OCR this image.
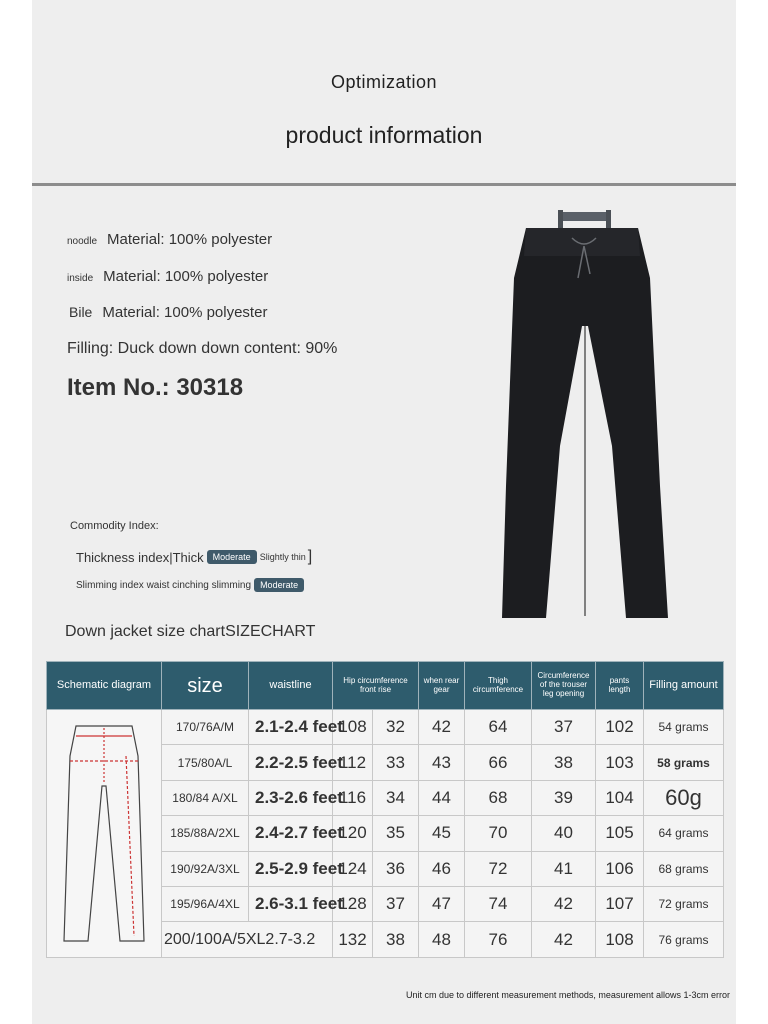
Optimization
product information
noodle Material: 100% polyester
inside Material: 100% polyester
Bile Material: 100% polyester
Filling: Duck down down content: 90%
Item No.: 30318
Commodity Index:
Thickness index|Thick	Moderate	Slightly thin ]
Slimming index waist cinching slimming	Moderate
Down jacket size chartSIZECHART
Schematic diagram	size	waistline	Hip circumference front rise		when rear gear	Thigh circumference	Circumference of the trouser leg opening	pants length	Filling amount
	170/76A/M	2.1-2.4 feet	108	32	42	64	37	102	54 grams
	175/80A/L	2.2-2.5 feet	112	33	43	66	38	103	58 grams
	180/84 A/XL	2.3-2.6 feet	116	34	44	68	39	104	60g
	185/88A/2XL	2.4-2.7 feet	120	35	45	70	40	105	64 grams
	190/92A/3XL	2.5-2.9 feet	124	36	46	72	41	106	68 grams
	195/96A/4XL	2.6-3.1 feet	128	37	47	74	42	107	72 grams
	200/100A/5XL2.7-3.2		132	38	48	76	42	108	76 grams
Unit cm due to different measurement methods, measurement allows 1-3cm error
